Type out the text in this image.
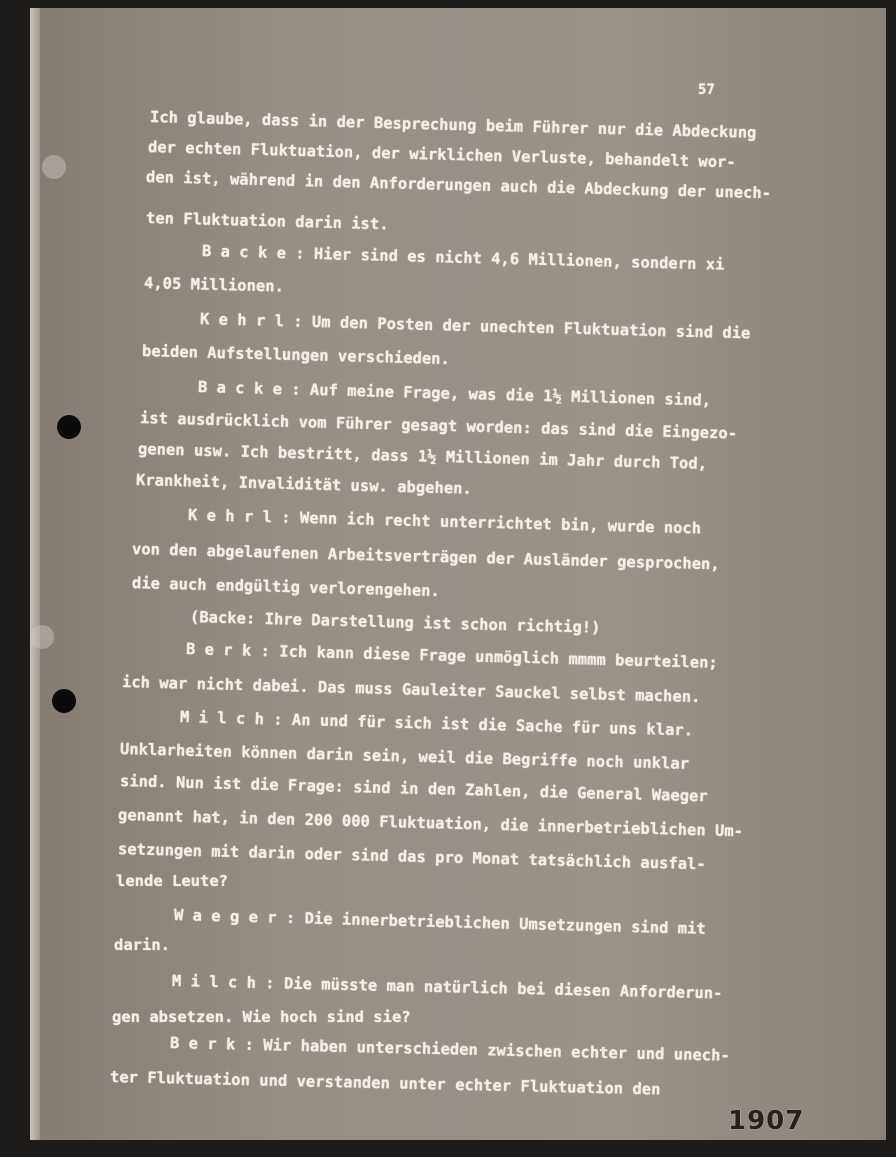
57
Ich glaube, dass in der Besprechung beim Führer nur die Abdeckung
der echten Fluktuation, der wirklichen Verluste, behandelt wor-
den ist, während in den Anforderungen auch die Abdeckung der unech-
ten Fluktuation darin ist.
B a c k e : Hier sind es nicht 4,6 Millionen, sondern xi
4,05 Millionen.
K e h r l : Um den Posten der unechten Fluktuation sind die
beiden Aufstellungen verschieden.
B a c k e : Auf meine Frage, was die 1½ Millionen sind,
ist ausdrücklich vom Führer gesagt worden: das sind die Eingezo-
genen usw. Ich bestritt, dass 1½ Millionen im Jahr durch Tod,
Krankheit, Invalidität usw. abgehen.
K e h r l : Wenn ich recht unterrichtet bin, wurde noch
von den abgelaufenen Arbeitsverträgen der Ausländer gesprochen,
die auch endgültig verlorengehen.
(Backe: Ihre Darstellung ist schon richtig!)
B e r k : Ich kann diese Frage unmöglich mmmm beurteilen;
ich war nicht dabei. Das muss Gauleiter Sauckel selbst machen.
M i l c h : An und für sich ist die Sache für uns klar.
Unklarheiten können darin sein, weil die Begriffe noch unklar
sind. Nun ist die Frage: sind in den Zahlen, die General Waeger
genannt hat, in den 200 000 Fluktuation, die innerbetrieblichen Um-
setzungen mit darin oder sind das pro Monat tatsächlich ausfal-
lende Leute?
W a e g e r : Die innerbetrieblichen Umsetzungen sind mit
darin.
M i l c h : Die müsste man natürlich bei diesen Anforderun-
gen absetzen. Wie hoch sind sie?
B e r k : Wir haben unterschieden zwischen echter und unech-
ter Fluktuation und verstanden unter echter Fluktuation den
1907
